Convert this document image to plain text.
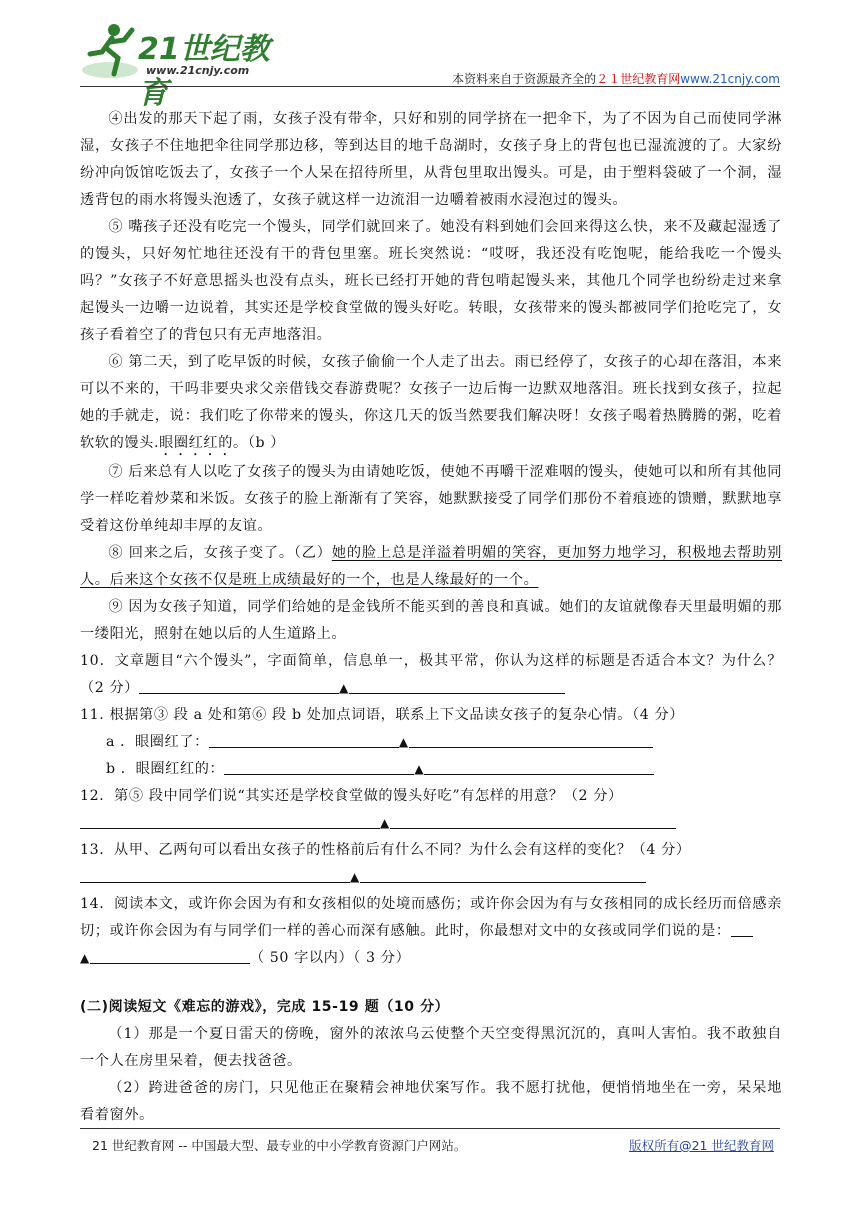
21世纪教育
www.21cnjy.com
本资料来自于资源最齐全的２１世纪教育网www.21cnjy.com

④出发的那天下起了雨，女孩子没有带伞，只好和别的同学挤在一把伞下，为了不因为自己而使同学淋湿，女孩子不住地把伞往同学那边移，等到达目的地千岛湖时，女孩子身上的背包也已湿流渡的了。大家纷纷冲向饭馆吃饭去了，女孩子一个人呆在招待所里，从背包里取出馒头。可是，由于塑料袋破了一个洞，湿透背包的雨水将馒头泡透了，女孩子就这样一边流泪一边嚼着被雨水浸泡过的馒头。

⑤ 嘴孩子还没有吃完一个馒头，同学们就回来了。她没有料到她们会回来得这么快，来不及藏起湿透了的馒头，只好匆忙地往还没有干的背包里塞。班长突然说：“哎呀，我还没有吃饱呢，能给我吃一个馒头吗？”女孩子不好意思摇头也没有点头，班长已经打开她的背包啃起馒头来，其他几个同学也纷纷走过来拿起馒头一边嚼一边说着，其实还是学校食堂做的馒头好吃。转眼，女孩带来的馒头都被同学们抢吃完了，女孩子看着空了的背包只有无声地落泪。

⑥ 第二天，到了吃早饭的时候，女孩子偷偷一个人走了出去。雨已经停了，女孩子的心却在落泪，本来可以不来的，干吗非要央求父亲借钱交春游费呢？女孩子一边后悔一边默双地落泪。班长找到女孩子，拉起她的手就走，说：我们吃了你带来的馒头，你这几天的饭当然要我们解决呀！女孩子喝着热腾腾的粥，吃着软软的馒头.眼圈红红的。（b ）

⑦ 后来总有人以吃了女孩子的馒头为由请她吃饭，使她不再嚼干涩难咽的馒头，使她可以和所有其他同学一样吃着炒菜和米饭。女孩子的脸上渐渐有了笑容，她默默接受了同学们那份不着痕迹的馈赠，默默地享受着这份单纯却丰厚的友谊。

⑧ 回来之后，女孩子变了。（乙）她的脸上总是洋溢着明媚的笑容，更加努力地学习，积极地去帮助别人。后来这个女孩不仅是班上成绩最好的一个，也是人缘最好的一个。

⑨ 因为女孩子知道，同学们给她的是金钱所不能买到的善良和真诚。她们的友谊就像春天里最明媚的那一缕阳光，照射在她以后的人生道路上。

10．文章题目“六个馒头”，字面简单，信息单一，极其平常，你认为这样的标题是否适合本文？为什么？（2 分）	▲

11. 根据第③ 段 a 处和第⑥ 段 b 处加点词语，联系上下文品读女孩子的复杂心情。（4 分）

a ．眼圈红了：	▲

b ．眼圈红红的：	▲

12．第⑤ 段中同学们说“其实还是学校食堂做的馒头好吃”有怎样的用意？（2 分）

▲

13．从甲、乙两句可以看出女孩子的性格前后有什么不同？为什么会有这样的变化？（4 分）

▲

14．阅读本文，或许你会因为有和女孩相似的处境而感伤；或许你会因为有与女孩相同的成长经历而倍感亲切；或许你会因为有与同学们一样的善心而深有感触。此时，你最想对文中的女孩或同学们说的是：
▲	（ 50 字以内）（ 3 分）

(二)阅读短文《难忘的游戏》，完成 15-19 题（10 分）

（1）那是一个夏日雷天的傍晚，窗外的浓浓乌云使整个天空变得黑沉沉的，真叫人害怕。我不敢独自一个人在房里呆着，便去找爸爸。

（2）跨进爸爸的房门，只见他正在聚精会神地伏案写作。我不愿打扰他，便悄悄地坐在一旁，呆呆地看着窗外。

21 世纪教育网 -- 中国最大型、最专业的中小学教育资源门户网站。	版权所有@21 世纪教育网
